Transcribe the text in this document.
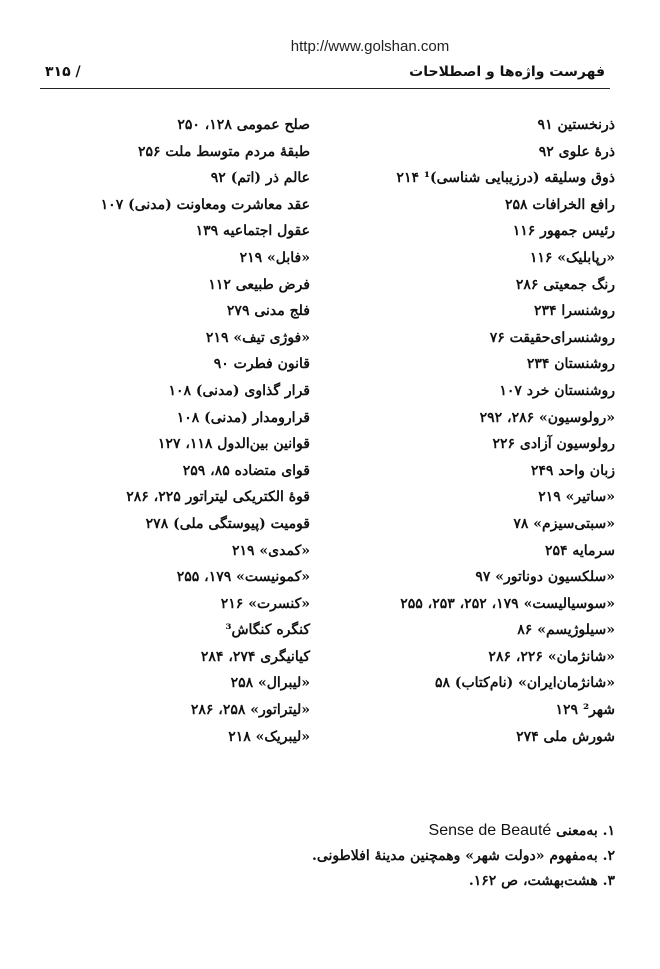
http://www.golshan.com
فهرست واژه‌ها و اصطلاحات
/ ۳۱۵
ذرنخستین ۹۱
ذرهٔ علوی ۹۲
ذوق وسلیقه (درزیبایی شناسی)¹ ۲۱۴
رافع الخرافات ۲۵۸
رئیس جمهور ۱۱۶
«رپابلیک» ۱۱۶
رنگ جمعیتی ۲۸۶
روشنسرا ۲۳۴
روشنسرای‌حقیقت ۷۶
روشنستان ۲۳۴
روشنستان خرد ۱۰۷
«رولوسیون» ۲۸۶، ۲۹۲
رولوسیون آزادی ۲۲۶
زبان واحد ۲۴۹
«ساتیر» ۲۱۹
«سبتی‌سیزم» ۷۸
سرمایه ۲۵۴
«سلکسیون دوناتور» ۹۷
«سوسیالیست» ۱۷۹، ۲۵۲، ۲۵۳، ۲۵۵
«سیلوژیسم» ۸۶
«شانژمان» ۲۲۶، ۲۸۶
«شانژمان‌ایران» (نام‌کتاب) ۵۸
شهر² ۱۲۹
شورش ملی ۲۷۴
صلح عمومی ۱۲۸، ۲۵۰
طبقهٔ مردم متوسط ملت ۲۵۶
عالم ذر (اتم) ۹۲
عقد معاشرت ومعاونت (مدنی) ۱۰۷
عقول اجتماعیه ۱۳۹
«فابل» ۲۱۹
فرض طبیعی ۱۱۲
فلج مدنی ۲۷۹
«فوژی تیف» ۲۱۹
قانون فطرت ۹۰
قرار گذاوی (مدنی) ۱۰۸
قرارومدار (مدنی) ۱۰۸
قوانین بین‌الدول ۱۱۸، ۱۲۷
قوای متضاده ۸۵، ۲۵۹
قوهٔ الکتریکی لیتراتور ۲۲۵، ۲۸۶
قومیت (پیوستگی ملی) ۲۷۸
«کمدی» ۲۱۹
«کمونیست» ۱۷۹، ۲۵۵
«کنسرت» ۲۱۶
کنگره کنگاش³
کیانیگری ۲۷۴، ۲۸۴
«لیبرال» ۲۵۸
«لیتراتور» ۲۵۸، ۲۸۶
«لیبریک» ۲۱۸
۱. به‌معنی Sense de Beauté
۲. به‌مفهوم «دولت شهر» وهمچنین مدینهٔ افلاطونی.
۳. هشت‌بهشت، ص ۱۶۲.
